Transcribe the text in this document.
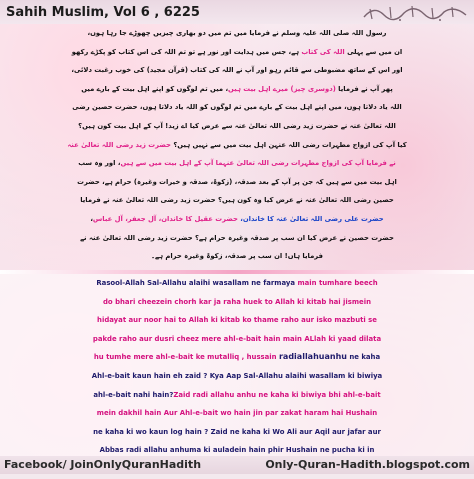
Sahih Muslim, Vol 6 , 6225

رسول اللہ صلی اللہ علیہ وسلم نے فرمایا میں تم میں دو بھاری چیزیں چھوڑے جا رہا ہوں،

ان میں سے پہلی اللہ کی کتاب ہے، جس میں ہدایت اور نور ہے تو تم اللہ کی اس کتاب کو پکڑے رکھو

اور اس کے ساتھ مضبوطی سے قائم رہو اور آپ نے اللہ کی کتاب (قرآن مجید) کی خوب رغبت دلائی،

پھر آپ نے فرمایا (دوسری چیز) میرے اہل بیت ہیں، میں تم لوگوں کو اپنے اہل بیت کے بارے میں

اللہ یاد دلاتا ہوں، میں اپنے اہل بیت کے بارے میں تم لوگوں کو اللہ یاد دلاتا ہوں، حضرت حصین رضی

اللہ تعالیٰ عنہ نے حضرت زید رضی اللہ تعالیٰ عنہ سے عرض کیا اے زید! آپ کے اہل بیت کون ہیں؟

کیا آپ کی ازواج مطہرات رضی اللہ عنہن اہل بیت میں سے نہیں ہیں؟ حضرت زید رضی اللہ تعالیٰ عنہ

نے فرمایا آپ کی ازواج مطہرات رضی اللہ تعالیٰ عنہما آپ کے اہل بیت میں سے ہیں، اور وہ سب

اہل بیت میں سے ہیں کہ جن پر آپ کے بعد صدقہ، (زکوۃ، صدقہ و خیرات وغیرہ) حرام ہے، حضرت

حصین رضی اللہ تعالیٰ عنہ نے عرض کیا وہ کون ہیں؟ حضرت زید رضی اللہ تعالیٰ عنہ نے فرمایا

حضرت علی رضی اللہ تعالیٰ عنہ کا خاندان، حضرت عقیل کا خاندان، آل جعفر، آل عباس،

حضرت حصین نے عرض کیا ان سب پر صدقہ وغیرہ حرام ہے؟ حضرت زید رضی اللہ تعالیٰ عنہ نے

فرمایا ہاں! ان سب پر صدقہ، زکوۃ وغیرہ حرام ہے۔

Rasool-Allah Sal-Allahu alaihi wasallam ne farmaya main tumhare beech

do bhari cheezein chorh kar ja raha huek to Allah ki kitab hai jismein

hidayat aur noor hai to Allah ki kitab ko thame raho aur isko mazbuti se

pakde raho aur dusri cheez mere ahl-e-bait hain main ALlah ki yaad dilata

hu tumhe mere ahl-e-bait ke mutalliq , hussain radiallahuanhu ne kaha

Ahl-e-bait kaun hain eh zaid ? Kya Aap Sal-Allahu alaihi wasallam ki biwiya

ahl-e-bait nahi hain?Zaid radi allahu anhu ne kaha ki biwiya bhi ahl-e-bait

mein dakhil hain Aur Ahl-e-bait wo hain jin par zakat haram hai Hushain

ne kaha ki wo kaun log hain ? Zaid ne kaha ki Wo Ali aur Aqil aur jafar aur

Abbas radi allahu anhuma ki auladein hain phir Hushain ne pucha ki in

Facebook/ JoinOnlyQuranHadith	Only-Quran-Hadith.blogspot.com
